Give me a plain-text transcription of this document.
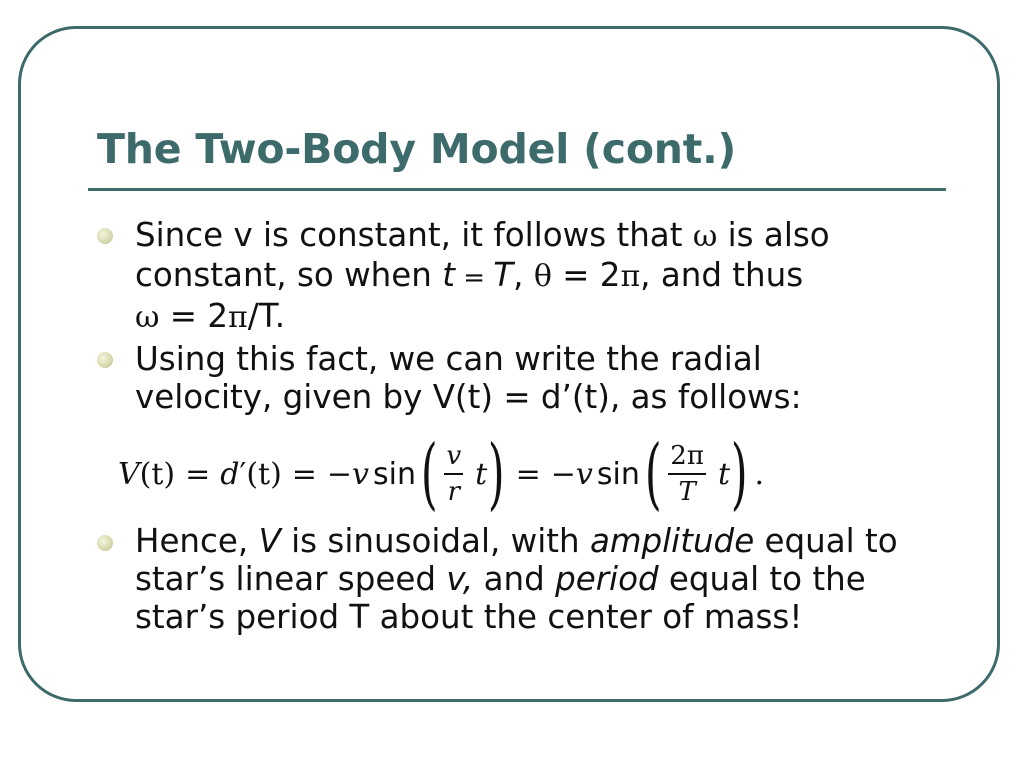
The Two-Body Model (cont.)

Since v is constant, it follows that ω is also constant, so when t = T, θ = 2π, and thus
ω = 2π/T.

Using this fact, we can write the radial velocity, given by V(t) = d’(t), as follows:

V (t) = d ′ (t) = −v sin ( $\frac{v}{r}$ t ) = −v sin ( $\frac{2\pi}{T}$ t ) .

Hence, V is sinusoidal, with amplitude equal to star’s linear speed v, and period equal to the star’s period T about the center of mass!
